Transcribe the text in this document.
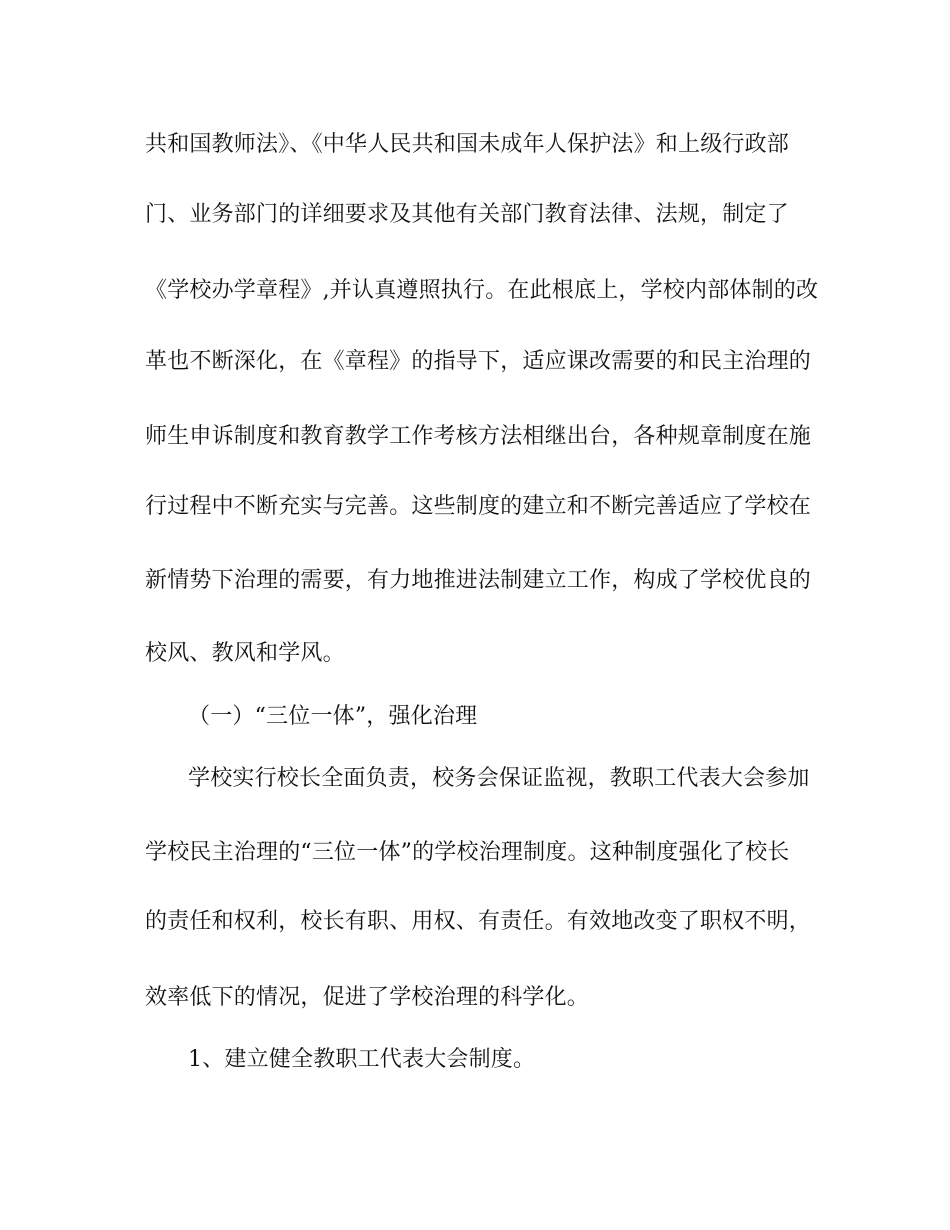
共和国教师法》、《中华人民共和国未成年人保护法》和上级行政部
门、业务部门的详细要求及其他有关部门教育法律、法规，制定了
《学校办学章程》,并认真遵照执行。在此根底上，学校内部体制的改
革也不断深化，在《章程》的指导下，适应课改需要的和民主治理的
师生申诉制度和教育教学工作考核方法相继出台，各种规章制度在施
行过程中不断充实与完善。这些制度的建立和不断完善适应了学校在
新情势下治理的需要，有力地推进法制建立工作，构成了学校优良的
校风、教风和学风。
（一）“三位一体”，强化治理
学校实行校长全面负责，校务会保证监视，教职工代表大会参加
学校民主治理的“三位一体”的学校治理制度。这种制度强化了校长
的责任和权利，校长有职、用权、有责任。有效地改变了职权不明，
效率低下的情况，促进了学校治理的科学化。
1、建立健全教职工代表大会制度。
